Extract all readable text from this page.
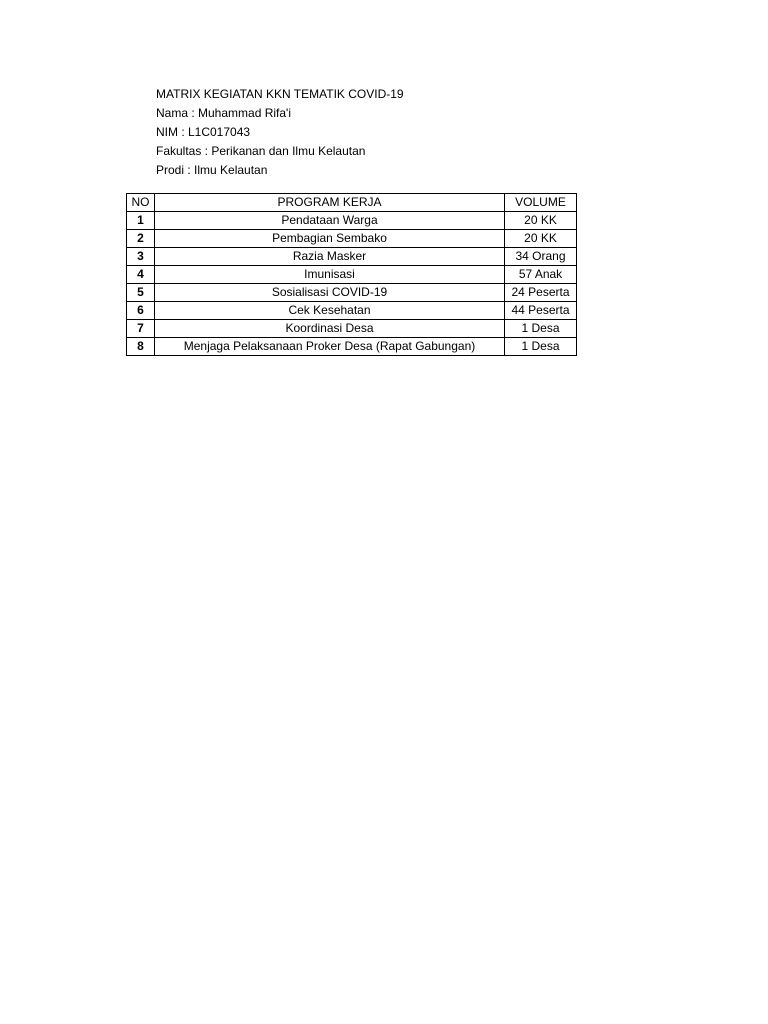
MATRIX KEGIATAN KKN TEMATIK COVID-19
Nama : Muhammad Rifa'i
NIM : L1C017043
Fakultas : Perikanan dan Ilmu Kelautan
Prodi : Ilmu Kelautan
NO	PROGRAM KERJA	VOLUME
1	Pendataan Warga	20 KK
2	Pembagian Sembako	20 KK
3	Razia Masker	34 Orang
4	Imunisasi	57 Anak
5	Sosialisasi COVID-19	24 Peserta
6	Cek Kesehatan	44 Peserta
7	Koordinasi Desa	1 Desa
8	Menjaga Pelaksanaan Proker Desa (Rapat Gabungan)	1 Desa
